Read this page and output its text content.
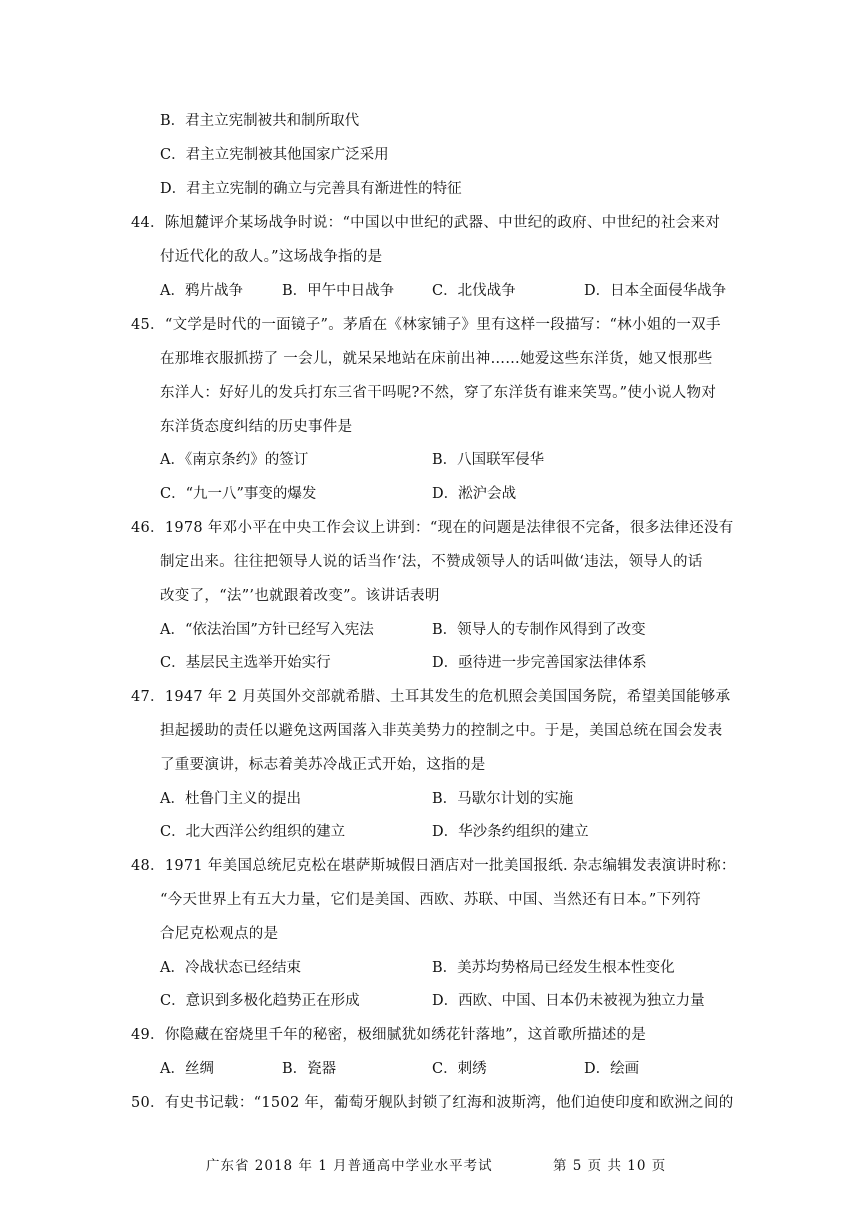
B．君主立宪制被共和制所取代
C．君主立宪制被其他国家广泛采用
D．君主立宪制的确立与完善具有渐进性的特征
44．陈旭麓评介某场战争时说：“中国以中世纪的武器、中世纪的政府、中世纪的社会来对
付近代化的敌人。”这场战争指的是
A．鸦片战争	B．甲午中日战争	C．北伐战争	D．日本全面侵华战争
45．“文学是时代的一面镜子”。茅盾在《林家铺子》里有这样一段描写：“林小姐的一双手
在那堆衣服抓捞了 一会儿，就呆呆地站在床前出神……她爱这些东洋货，她又恨那些
东洋人：好好儿的发兵打东三省干吗呢?不然，穿了东洋货有谁来笑骂。”使小说人物对
东洋货态度纠结的历史事件是
A．《南京条约》的签订	B．八国联军侵华
C．“九一八”事变的爆发	D．淞沪会战
46．1978 年邓小平在中央工作会议上讲到：“现在的问题是法律很不完备，很多法律还没有
制定出来。往往把领导人说的话当作‘法，不赞成领导人的话叫做‘违法，领导人的话
改变了，“法”’也就跟着改变”。该讲话表明
A．“依法治国”方针已经写入宪法	B．领导人的专制作风得到了改变
C．基层民主选举开始实行	D．亟待进一步完善国家法律体系
47．1947 年 2 月英国外交部就希腊、土耳其发生的危机照会美国国务院，希望美国能够承
担起援助的责任以避免这两国落入非英美势力的控制之中。于是，美国总统在国会发表
了重要演讲，标志着美苏冷战正式开始，这指的是
A．杜鲁门主义的提出	B．马歇尔计划的实施
C．北大西洋公约组织的建立	D．华沙条约组织的建立
48．1971 年美国总统尼克松在堪萨斯城假日酒店对一批美国报纸. 杂志编辑发表演讲时称：
“今天世界上有五大力量，它们是美国、西欧、苏联、中国、当然还有日本。”下列符
合尼克松观点的是
A．冷战状态已经结束	B．美苏均势格局已经发生根本性变化
C．意识到多极化趋势正在形成	D．西欧、中国、日本仍未被视为独立力量
49．你隐藏在窑烧里千年的秘密，极细腻犹如绣花针落地”，这首歌所描述的是
A．丝绸	B．瓷器	C．刺绣	D．绘画
50．有史书记载：“1502 年，葡萄牙舰队封锁了红海和波斯湾，他们迫使印度和欧洲之间的
广东省 2018 年 1 月普通高中学业水平考试	第 5 页 共 10 页
